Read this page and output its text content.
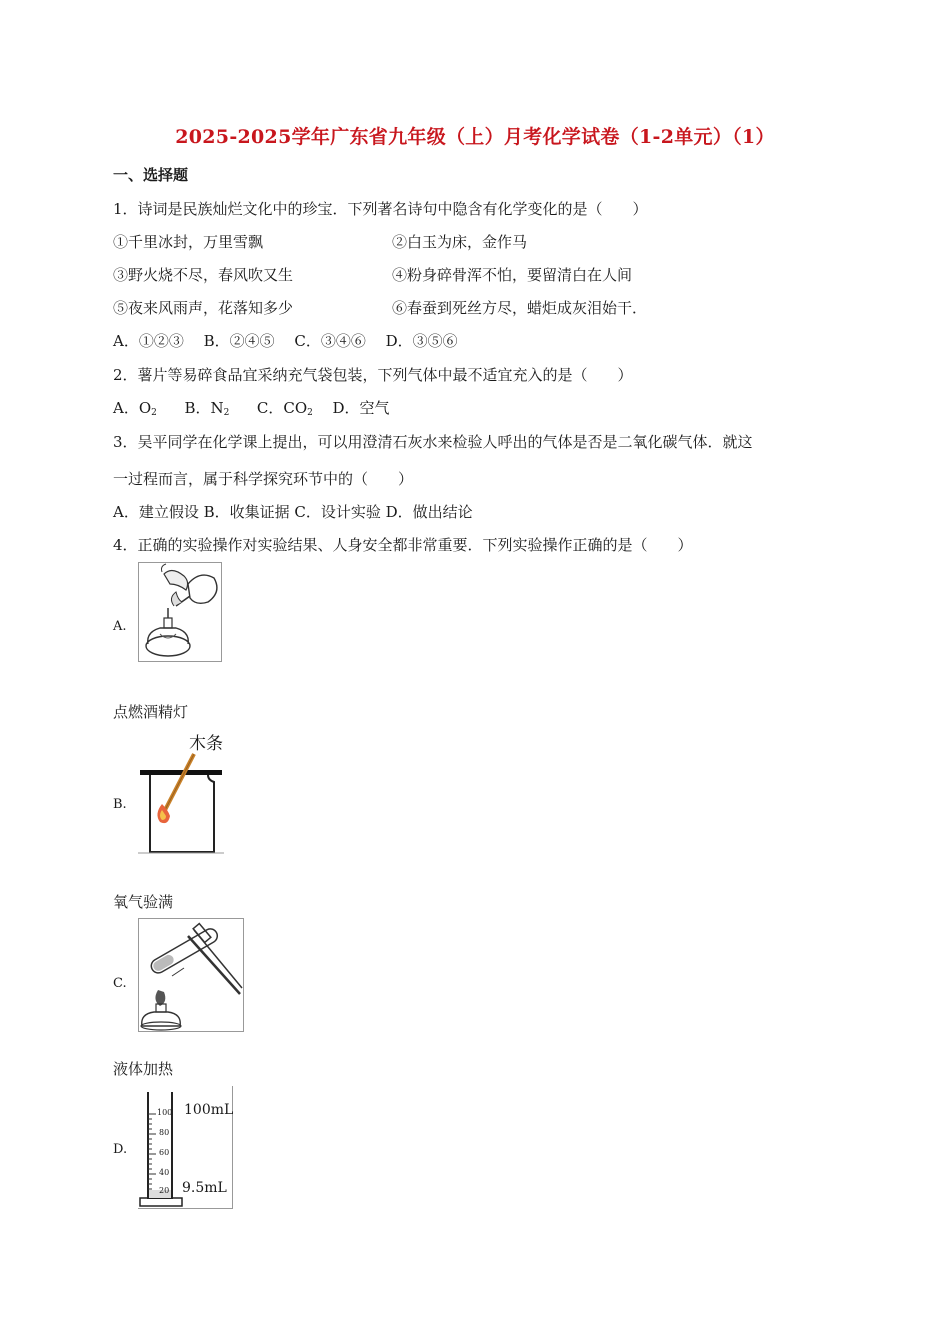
2025-2025学年广东省九年级（上）月考化学试卷（1-2单元）（1）
一、选择题
1．诗词是民族灿烂文化中的珍宝．下列著名诗句中隐含有化学变化的是（　　）
①千里冰封，万里雪飘	②白玉为床，金作马
③野火烧不尽，春风吹又生	④粉身碎骨浑不怕，要留清白在人间
⑤夜来风雨声，花落知多少	⑥春蚕到死丝方尽，蜡炬成灰泪始干．
A．①②③　 B．②④⑤　 C．③④⑥　 D．③⑤⑥
2．薯片等易碎食品宜采纳充气袋包装，下列气体中最不适宜充入的是（　　）
A．$O_2$ B．$N_2$ C．$CO_2$ D．空气
3．吴平同学在化学课上提出，可以用澄清石灰水来检验人呼出的气体是否是二氧化碳气体．就这
一过程而言，属于科学探究环节中的（　　）
A．建立假设 B．收集证据 C．设计实验 D．做出结论
4．正确的实验操作对实验结果、人身安全都非常重要．下列实验操作正确的是（　　）
A.
点燃酒精灯
B.
木条
氧气验满
C.
液体加热
D.
100
80
60
40
20
100mL
9.5mL
